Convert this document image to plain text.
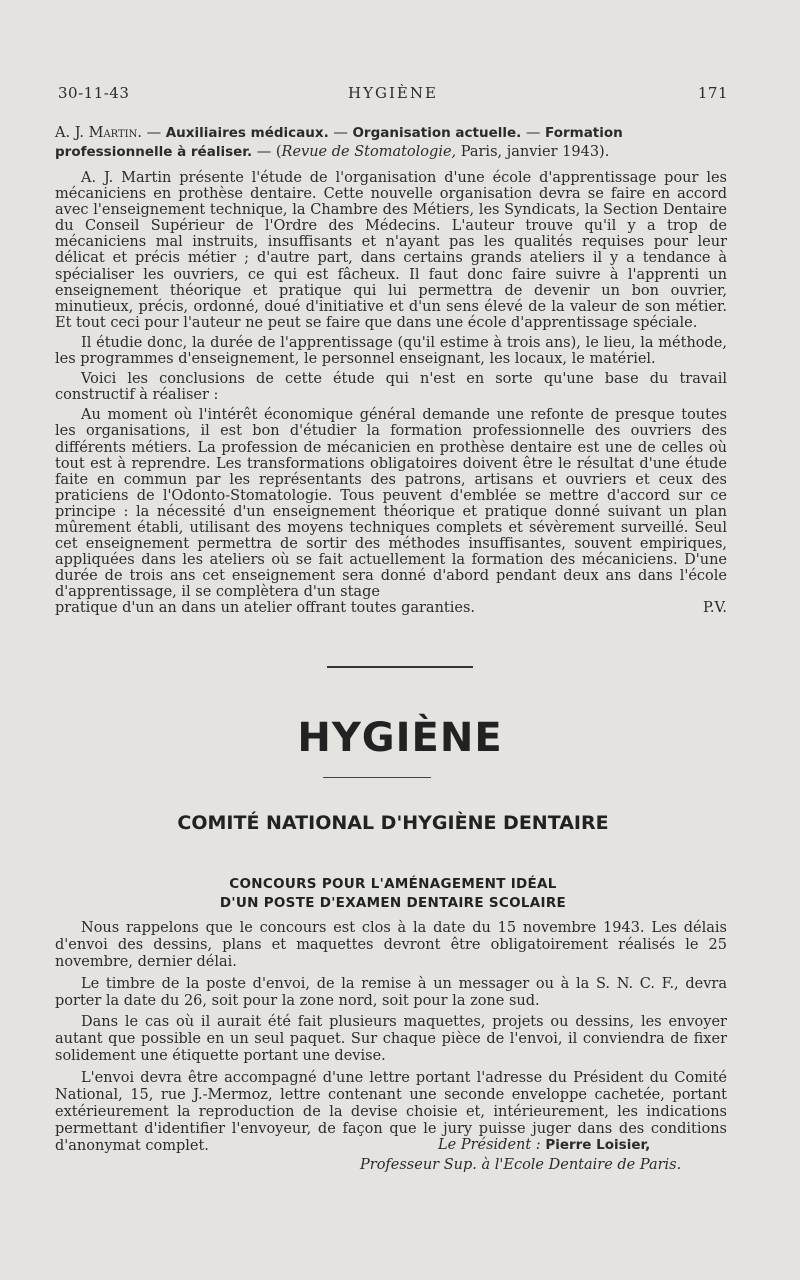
30-11-43	HYGIÈNE	171

A. J. Martin. — Auxiliaires médicaux. — Organisation actuelle. — Formation professionnelle à réaliser. — (Revue de Stomatologie, Paris, janvier 1943).

A. J. Martin présente l'étude de l'organisation d'une école d'apprentissage pour les mécaniciens en prothèse dentaire. Cette nouvelle organisation devra se faire en accord avec l'enseignement technique, la Chambre des Métiers, les Syndicats, la Section Dentaire du Conseil Supérieur de l'Ordre des Médecins. L'auteur trouve qu'il y a trop de mécaniciens mal instruits, insuffisants et n'ayant pas les qualités requises pour leur délicat et précis métier ; d'autre part, dans certains grands ateliers il y a tendance à spécialiser les ouvriers, ce qui est fâcheux. Il faut donc faire suivre à l'apprenti un enseignement théorique et pratique qui lui permettra de devenir un bon ouvrier, minutieux, précis, ordonné, doué d'initiative et d'un sens élevé de la valeur de son métier. Et tout ceci pour l'auteur ne peut se faire que dans une école d'apprentissage spéciale.

Il étudie donc, la durée de l'apprentissage (qu'il estime à trois ans), le lieu, la méthode, les programmes d'enseignement, le personnel enseignant, les locaux, le matériel.

Voici les conclusions de cette étude qui n'est en sorte qu'une base du travail constructif à réaliser :

Au moment où l'intérêt économique général demande une refonte de presque toutes les organisations, il est bon d'étudier la formation professionnelle des ouvriers des différents métiers. La profession de mécanicien en prothèse dentaire est une de celles où tout est à reprendre. Les transformations obligatoires doivent être le résultat d'une étude faite en commun par les représentants des patrons, artisans et ouvriers et ceux des praticiens de l'Odonto-Stomatologie. Tous peuvent d'emblée se mettre d'accord sur ce principe : la nécessité d'un enseignement théorique et pratique donné suivant un plan mûrement établi, utilisant des moyens techniques complets et sévèrement surveillé. Seul cet enseignement permettra de sortir des méthodes insuffisantes, souvent empiriques, appliquées dans les ateliers où se fait actuellement la formation des mécaniciens. D'une durée de trois ans cet enseignement sera donné d'abord pendant deux ans dans l'école d'apprentissage, il se complètera d'un stage

pratique d'un an dans un atelier offrant toutes garanties.	P.V.
HYGIÈNE
COMITÉ NATIONAL D'HYGIÈNE DENTAIRE
CONCOURS POUR L'AMÉNAGEMENT IDÉAL
D'UN POSTE D'EXAMEN DENTAIRE SCOLAIRE

Nous rappelons que le concours est clos à la date du 15 novembre 1943. Les délais d'envoi des dessins, plans et maquettes devront être obligatoirement réalisés le 25 novembre, dernier délai.

Le timbre de la poste d'envoi, de la remise à un messager ou à la S. N. C. F., devra porter la date du 26, soit pour la zone nord, soit pour la zone sud.

Dans le cas où il aurait été fait plusieurs maquettes, projets ou dessins, les envoyer autant que possible en un seul paquet. Sur chaque pièce de l'envoi, il conviendra de fixer solidement une étiquette portant une devise.

L'envoi devra être accompagné d'une lettre portant l'adresse du Président du Comité National, 15, rue J.-Mermoz, lettre contenant une seconde enveloppe cachetée, portant extérieurement la reproduction de la devise choisie et, intérieurement, les indications permettant d'identifier l'envoyeur, de façon que le jury puisse juger dans des conditions d'anonymat complet.	Le Président : Pierre Loisier,
Professeur Sup. à l'Ecole Dentaire de Paris.
